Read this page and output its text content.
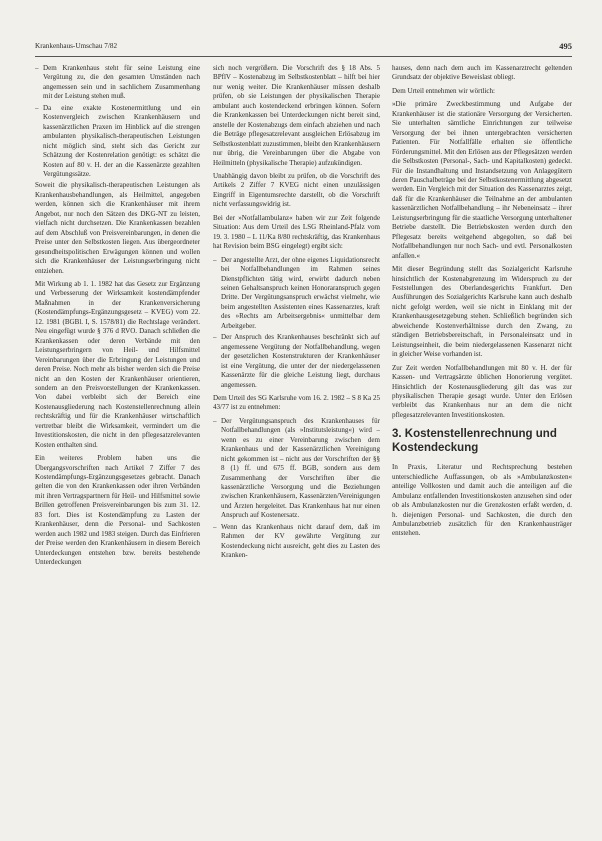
Krankenhaus-Umschau 7/82	495
– Dem Krankenhaus steht für seine Leistung eine Vergütung zu, die den gesamten Umständen nach angemessen sein und in sachlichem Zusammenhang mit der Leistung stehen muß.
– Da eine exakte Kostenermittlung und ein Kostenvergleich zwischen Krankenhäusern und kassenärztlichen Praxen im Hinblick auf die strengen ambulanten physikalisch-therapeutischen Leistungen nicht möglich sind, steht sich das Gericht zur Schätzung der Kostenrelation genötigt: es schätzt die Kosten auf 80 v. H. der an die Kassenärzte gezahlten Vergütungssätze.

Soweit die physikalisch-therapeutischen Leistungen als Krankenhausbehandlungen, als Heilmittel, angegeben werden, können sich die Krankenhäuser mit ihrem Angebot, nur noch den Sätzen des DKG-NT zu leisten, vielfach nicht durchsetzen. Die Krankenkassen bezahlen auf dem Abschluß von Preisvereinbarungen, in denen die Preise unter den Selbstkosten liegen. Aus übergeordneter gesundheitspolitischen Erwägungen können und wollen sich die Krankenhäuser der Leistungserbringung nicht entziehen.

Mit Wirkung ab 1. 1. 1982 hat das Gesetz zur Ergänzung und Verbesserung der Wirksamkeit kostendämpfender Maßnahmen in der Krankenversicherung (Kostendämpfungs-Ergänzungsgesetz – KVEG) vom 22. 12. 1981 (BGBl. I, S. 1578/81) die Rechtslage verändert. Neu eingefügt wurde § 376 d RVO. Danach schließen die Krankenkassen oder deren Verbände mit den Leistungserbringern von Heil- und Hilfsmittel Vereinbarungen über die Erbringung der Leistungen und deren Preise. Noch mehr als bisher werden sich die Preise nicht an den Kosten der Krankenhäuser orientieren, sondern an den Preisvorstellungen der Krankenkassen. Von dabei verbleibt sich der Bereich eine Kostenausgliederung nach Kostenstellenrechnung allein rechtskräftig und für die Krankenhäuser wirtschaftlich vertretbar bleibt die Wirksamkeit, vermindert um die Investitionskosten, die nicht in den pflegesatzrelevanten Kosten enthalten sind.

Ein weiteres Problem haben uns die Übergangsvorschriften nach Artikel 7 Ziffer 7 des Kostendämpfungs-Ergänzungsgesetzes gebracht. Danach gelten die von den Krankenkassen oder ihren Verbänden mit ihren Vertragspartnern für Heil- und Hilfsmittel sowie Brillen getroffenen Preisvereinbarungen bis zum 31. 12. 83 fort. Dies ist Kostendämpfung zu Lasten der Krankenhäuser, denn die Personal- und Sachkosten werden auch 1982 und 1983 steigen. Durch das Einfrieren der Preise werden den Krankenhäusern in diesem Bereich Unterdeckungen entstehen bzw. bereits bestehende Unterdeckungen

sich noch vergrößern. Die Vorschrift des § 18 Abs. 5 BPflV – Kostenabzug im Selbstkostenblatt – hilft bei hier nur wenig weiter. Die Krankenhäuser müssen deshalb prüfen, ob sie Leistungen der physikalischen Therapie ambulant auch kostendeckend erbringen können. Sofern die Krankenkassen bei Unterdeckungen nicht bereit sind, anstelle der Kostenabzugs dem einfach abziehen und nach die Beträge pflegesatzrelevant ausgleichen Erlösabzug im Selbstkostenblatt zuzustimmen, bleibt den Krankenhäusern nur übrig, die Vereinbarungen über die Abgabe von Heilmitteln (physikalische Therapie) aufzukündigen.

Unabhängig davon bleibt zu prüfen, ob die Vorschrift des Artikels 2 Ziffer 7 KVEG nicht einen unzulässigen Eingriff in Eigentumsrechte darstellt, ob die Vorschrift nicht verfassungswidrig ist.

Bei der »Notfallambulanz« haben wir zur Zeit folgende Situation: Aus dem Urteil des LSG Rheinland-Pfalz vom 19. 3. 1980 – L 11/Ka 8/80 rechtskräftig, das Krankenhaus hat Revision beim BSG eingelegt) ergibt sich:

– Der angestellte Arzt, der ohne eigenes Liquidationsrecht bei Notfallbehandlungen im Rahmen seines Dienstpflichten tätig wird, erwirbt dadurch neben seinen Gehaltsanspruch keinen Honoraranspruch gegen Dritte. Der Vergütungsanspruch erwächst vielmehr, wie beim angestellten Assistenten eines Kassenarztes, kraft des »Rechts am Arbeitsergebnis« unmittelbar dem Arbeitgeber.
– Der Anspruch des Krankenhauses beschränkt sich auf angemessene Vergütung der Notfallbehandlung, wegen der gesetzlichen Kostenstrukturen der Krankenhäuser ist eine Vergütung, die unter der der niedergelassenen Kassenärzte für die gleiche Leistung liegt, durchaus angemessen.

Dem Urteil des SG Karlsruhe vom 16. 2. 1982 – S 8 Ka 25 43/77 ist zu entnehmen:

– Der Vergütungsanspruch des Krankenhauses für Notfallbehandlungen (als »Institutsleistung«) wird – wenn es zu einer Vereinbarung zwischen dem Krankenhaus und der Kassenärztlichen Vereinigung nicht gekommen ist – nicht aus der Vorschriften der §§ 8 (1) ff. und 675 ff. BGB, sondern aus dem Zusammenhang der Vorschriften über die kassenärztliche Versorgung und die Beziehungen zwischen Krankenhäusern, Kassenärzten/Vereinigungen und Ärzten hergeleitet. Das Krankenhaus hat nur einen Anspruch auf Kostenersatz.
– Wenn das Krankenhaus nicht darauf dem, daß im Rahmen der KV gewährte Vergütung zur Kostendeckung nicht ausreicht, geht dies zu Lasten des Kranken-

hauses, denn nach dem auch im Kassenarztrecht geltenden Grundsatz der objektive Beweislast obliegt.

Dem Urteil entnehmen wir wörtlich:

»Die primäre Zweckbestimmung und Aufgabe der Krankenhäuser ist die stationäre Versorgung der Versicherten. Sie unterhalten sämtliche Einrichtungen zur teilweise Versorgung der bei ihnen untergebrachten versicherten Patienten. Für Notfallfälle erhalten sie öffentliche Förderungsmittel. Mit den Erlösen aus der Pflegesätzen werden die Selbstkosten (Personal-, Sach- und Kapitalkosten) gedeckt. Für die Instandhaltung und Instandsetzung von Anlagegütern deren Pauschalbeträge bei der Selbstkostenermittlung abgesetzt werden. Ein Vergleich mit der Situation des Kassenarztes zeigt, daß für die Krankenhäuser die Teilnahme an der ambulanten kassenärztlichen Notfallbehandlung – ihr Nebeneinsatz – ihrer Leistungserbringung für die staatliche Versorgung unterhaltener Betriebe darstellt. Die Betriebskosten werden durch den Pflegesatz bereits weitgehend abgegolten, so daß bei Notfallbehandlungen nur noch Sach- und evtl. Personalkosten anfallen.«

Mit dieser Begründung stellt das Sozialgericht Karlsruhe hinsichtlich der Kostenabgrenzung im Widerspruch zu der Feststellungen des Oberlandesgerichts Frankfurt. Den Ausführungen des Sozialgerichts Karlsruhe kann auch deshalb nicht gefolgt werden, weil sie nicht in Einklang mit der Krankenhausgesetzgebung stehen. Schließlich begründen sich abweichende Kostenverhältnisse durch den Zwang, zu ständigen Betriebsbereitschaft, in Personaleinsatz und in Leistungseinheit, die beim niedergelassenen Kassenarzt nicht in gleicher Weise vorhanden ist.

Zur Zeit werden Notfallbehandlungen mit 80 v. H. der für Kassen- und Vertragsärzte üblichen Honorierung vergütet. Hinsichtlich der Kostenausgliederung gilt das was zur physikalischen Therapie gesagt wurde. Unter den Erlösen verbleibt das Krankenhaus nur an dem die nicht pflegesatzrelevanten Investitionskosten.

3. Kostenstellenrechnung und Kostendeckung

In Praxis, Literatur und Rechtsprechung bestehen unterschiedliche Auffassungen, ob als »Ambulanzkosten« anteilige Vollkosten und damit auch die anteiligen auf die Ambulanz entfallenden Investitionskosten anzusehen sind oder ob als Ambulanzkosten nur die Grenzkosten erfaßt werden, d. h. diejenigen Personal- und Sachkosten, die durch den Ambulanzbetrieb zusätzlich für den Krankenhausträger entstehen.
